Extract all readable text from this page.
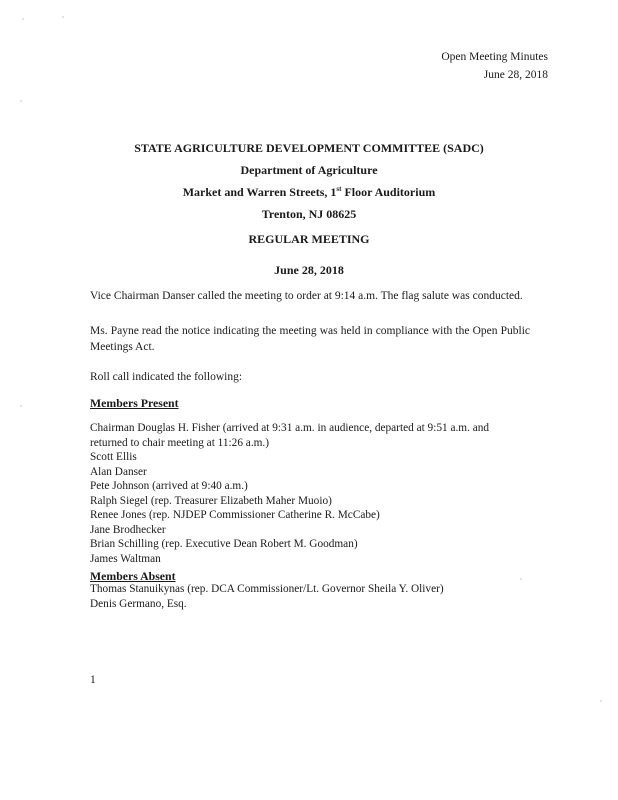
Open Meeting Minutes
June 28, 2018
STATE AGRICULTURE DEVELOPMENT COMMITTEE (SADC)
Department of Agriculture
Market and Warren Streets, 1st Floor Auditorium
Trenton, NJ 08625
REGULAR MEETING
June 28, 2018
Vice Chairman Danser called the meeting to order at 9:14 a.m. The flag salute was conducted.
Ms. Payne read the notice indicating the meeting was held in compliance with the Open Public Meetings Act.
Roll call indicated the following:
Members Present
Chairman Douglas H. Fisher (arrived at 9:31 a.m. in audience, departed at 9:51 a.m. and returned to chair meeting at 11:26 a.m.)
Scott Ellis
Alan Danser
Pete Johnson (arrived at 9:40 a.m.)
Ralph Siegel (rep. Treasurer Elizabeth Maher Muoio)
Renee Jones (rep. NJDEP Commissioner Catherine R. McCabe)
Jane Brodhecker
Brian Schilling (rep. Executive Dean Robert M. Goodman)
James Waltman
Members Absent
Thomas Stanuikynas (rep. DCA Commissioner/Lt. Governor Sheila Y. Oliver)
Denis Germano, Esq.
1
